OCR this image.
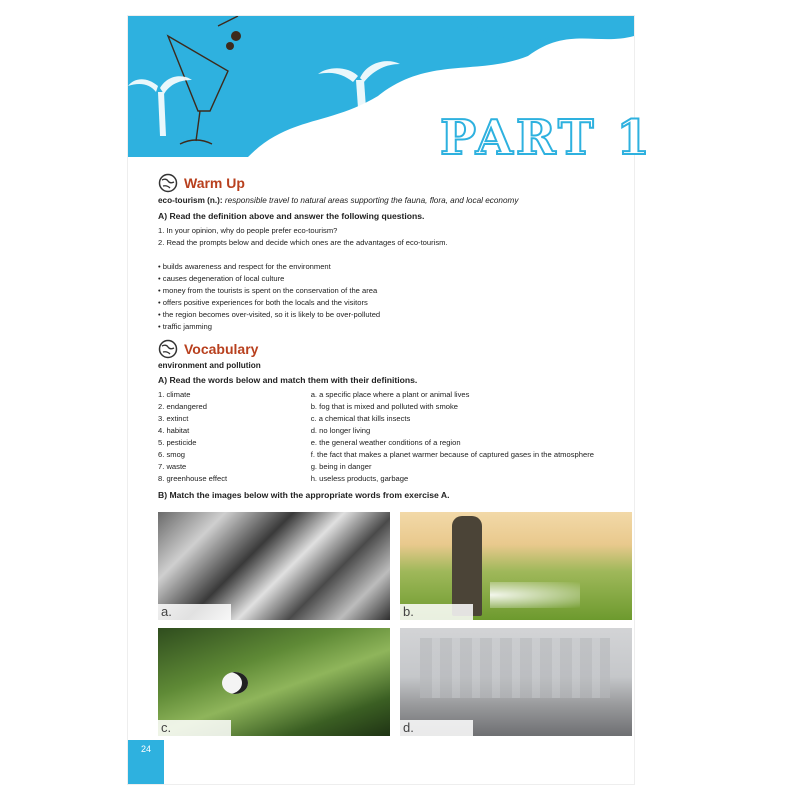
PART 1
Warm Up
eco-tourism (n.): responsible travel to natural areas supporting the fauna, flora, and local economy
A) Read the definition above and answer the following questions.
1. In your opinion, why do people prefer eco-tourism?
2. Read the prompts below and decide which ones are the advantages of eco-tourism.
• builds awareness and respect for the environment
• causes degeneration of local culture
• money from the tourists is spent on the conservation of the area
• offers positive experiences for both the locals and the visitors
• the region becomes over-visited, so it is likely to be over-polluted
• traffic jamming
Vocabulary
environment and pollution
A) Read the words below and match them with their definitions.
1. climate
2. endangered
3. extinct
4. habitat
5. pesticide
6. smog
7. waste
8. greenhouse effect
a. a specific place where a plant or animal lives
b. fog that is mixed and polluted with smoke
c. a chemical that kills insects
d. no longer living
e. the general weather conditions of a region
f. the fact that makes a planet warmer because of captured gases in the atmosphere
g. being in danger
h. useless products, garbage
B) Match the images below with the appropriate words from exercise A.
a.	b.
c.	d.
24
